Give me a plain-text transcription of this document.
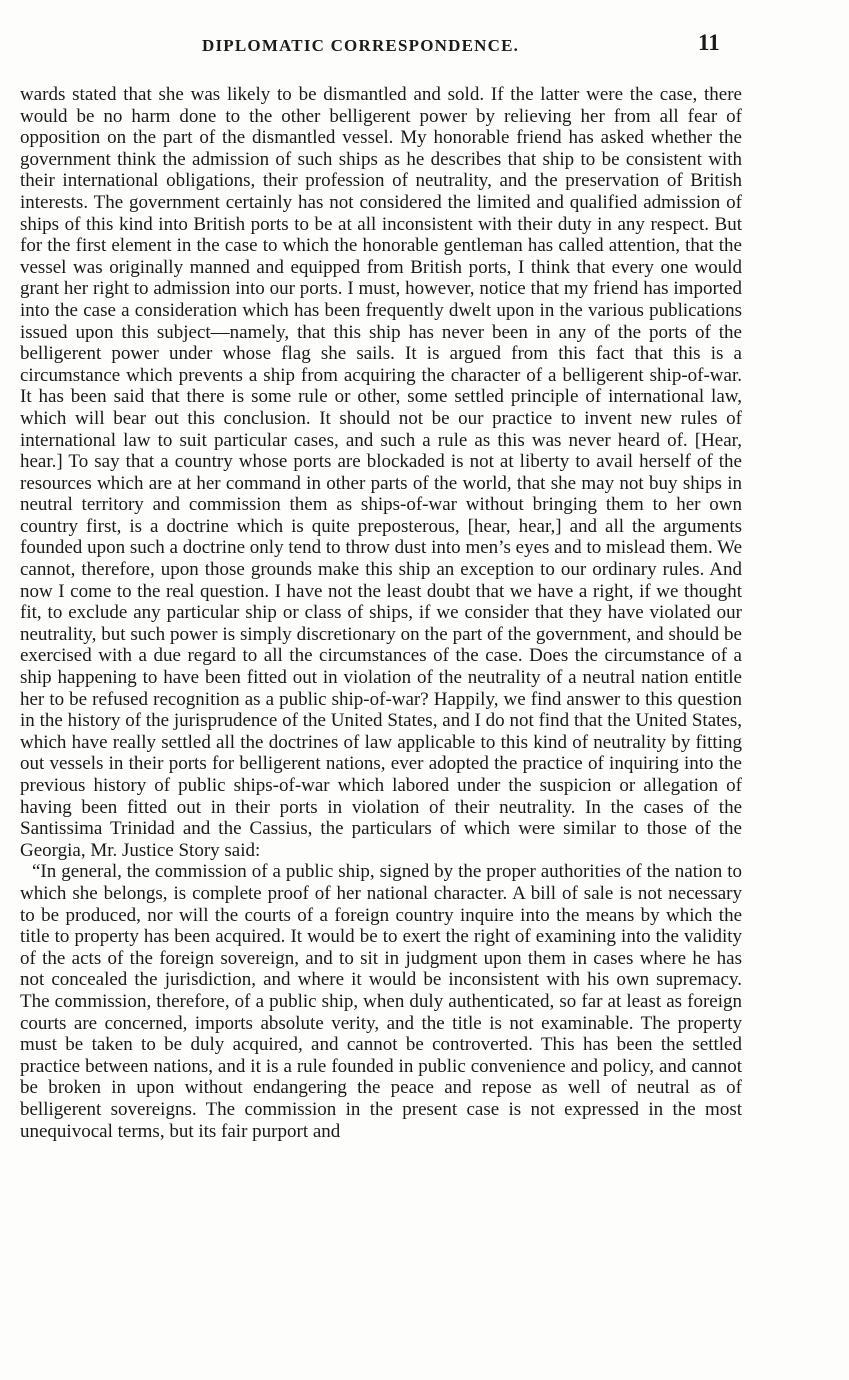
DIPLOMATIC CORRESPONDENCE.	11

wards stated that she was likely to be dismantled and sold. If the latter were the case, there would be no harm done to the other belligerent power by relieving her from all fear of opposition on the part of the dismantled vessel. My honorable friend has asked whether the government think the admission of such ships as he describes that ship to be consistent with their international obligations, their profession of neutrality, and the preservation of British interests. The government certainly has not considered the limited and qualified admission of ships of this kind into British ports to be at all inconsistent with their duty in any respect. But for the first element in the case to which the honorable gentleman has called attention, that the vessel was originally manned and equipped from British ports, I think that every one would grant her right to admission into our ports. I must, however, notice that my friend has imported into the case a consideration which has been frequently dwelt upon in the various publications issued upon this subject—namely, that this ship has never been in any of the ports of the belligerent power under whose flag she sails. It is argued from this fact that this is a circumstance which prevents a ship from acquiring the character of a belligerent ship-of-war. It has been said that there is some rule or other, some settled principle of international law, which will bear out this conclusion. It should not be our practice to invent new rules of international law to suit particular cases, and such a rule as this was never heard of. [Hear, hear.] To say that a country whose ports are blockaded is not at liberty to avail herself of the resources which are at her command in other parts of the world, that she may not buy ships in neutral territory and commission them as ships-of-war without bringing them to her own country first, is a doctrine which is quite preposterous, [hear, hear,] and all the arguments founded upon such a doctrine only tend to throw dust into men’s eyes and to mislead them. We cannot, therefore, upon those grounds make this ship an exception to our ordinary rules. And now I come to the real question. I have not the least doubt that we have a right, if we thought fit, to exclude any particular ship or class of ships, if we consider that they have violated our neutrality, but such power is simply discretionary on the part of the government, and should be exercised with a due regard to all the circumstances of the case. Does the circumstance of a ship happening to have been fitted out in violation of the neutrality of a neutral nation entitle her to be refused recognition as a public ship-of-war? Happily, we find answer to this question in the history of the jurisprudence of the United States, and I do not find that the United States, which have really settled all the doctrines of law applicable to this kind of neutrality by fitting out vessels in their ports for belligerent nations, ever adopted the practice of inquiring into the previous history of public ships-of-war which labored under the suspicion or allegation of having been fitted out in their ports in violation of their neutrality. In the cases of the Santissima Trinidad and the Cassius, the particulars of which were similar to those of the Georgia, Mr. Justice Story said:

“In general, the commission of a public ship, signed by the proper authorities of the nation to which she belongs, is complete proof of her national character. A bill of sale is not necessary to be produced, nor will the courts of a foreign country inquire into the means by which the title to property has been acquired. It would be to exert the right of examining into the validity of the acts of the foreign sovereign, and to sit in judgment upon them in cases where he has not concealed the jurisdiction, and where it would be inconsistent with his own supremacy. The commission, therefore, of a public ship, when duly authenticated, so far at least as foreign courts are concerned, imports absolute verity, and the title is not examinable. The property must be taken to be duly acquired, and cannot be controverted. This has been the settled practice between nations, and it is a rule founded in public convenience and policy, and cannot be broken in upon without endangering the peace and repose as well of neutral as of belligerent sovereigns. The commission in the present case is not expressed in the most unequivocal terms, but its fair purport and
